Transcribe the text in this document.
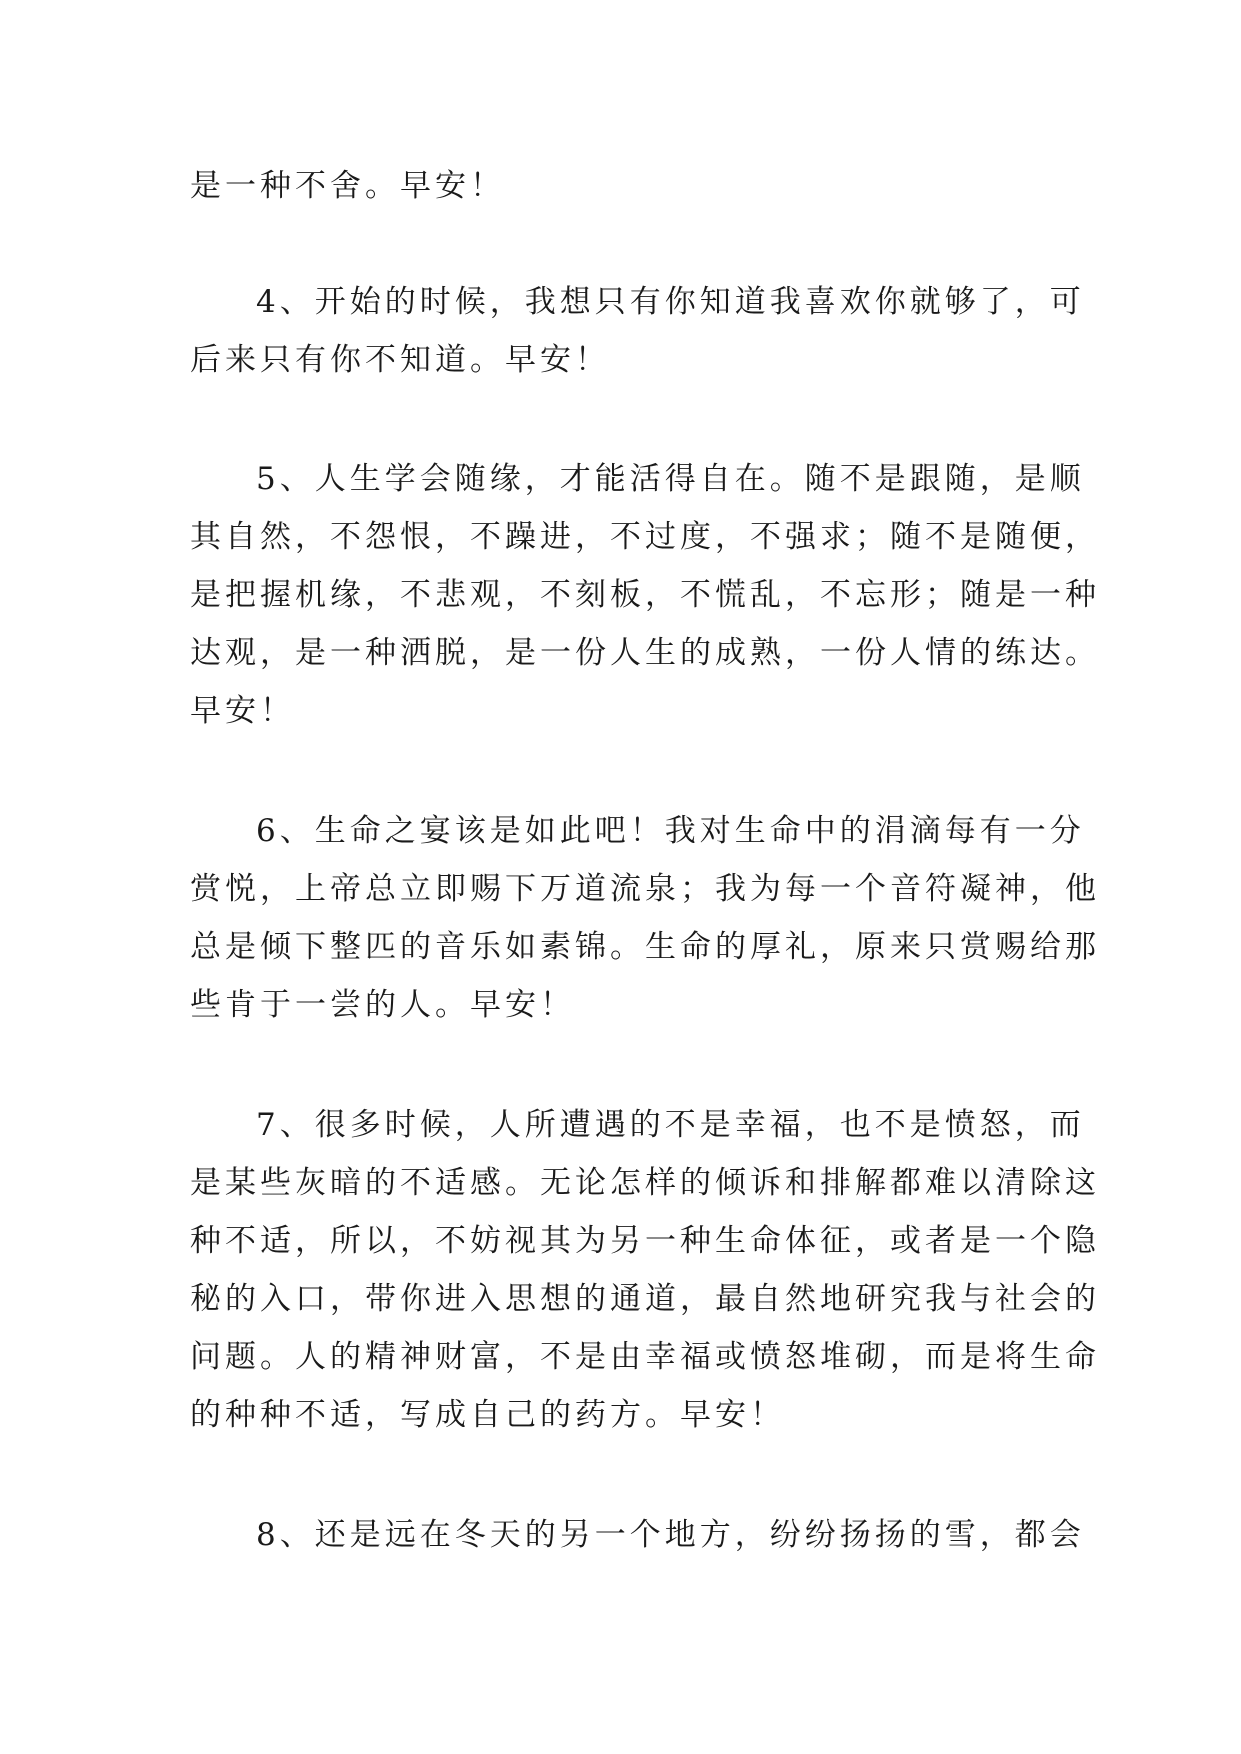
是一种不舍。早安！

4、开始的时候，我想只有你知道我喜欢你就够了，可
后来只有你不知道。早安！

5、人生学会随缘，才能活得自在。随不是跟随，是顺
其自然，不怨恨，不躁进，不过度，不强求；随不是随便，
是把握机缘，不悲观，不刻板，不慌乱，不忘形；随是一种
达观，是一种洒脱，是一份人生的成熟，一份人情的练达。
早安！

6、生命之宴该是如此吧！我对生命中的涓滴每有一分
赏悦，上帝总立即赐下万道流泉；我为每一个音符凝神，他
总是倾下整匹的音乐如素锦。生命的厚礼，原来只赏赐给那
些肯于一尝的人。早安！

7、很多时候，人所遭遇的不是幸福，也不是愤怒，而
是某些灰暗的不适感。无论怎样的倾诉和排解都难以清除这
种不适，所以，不妨视其为另一种生命体征，或者是一个隐
秘的入口，带你进入思想的通道，最自然地研究我与社会的
问题。人的精神财富，不是由幸福或愤怒堆砌，而是将生命
的种种不适，写成自己的药方。早安！

8、还是远在冬天的另一个地方，纷纷扬扬的雪，都会
